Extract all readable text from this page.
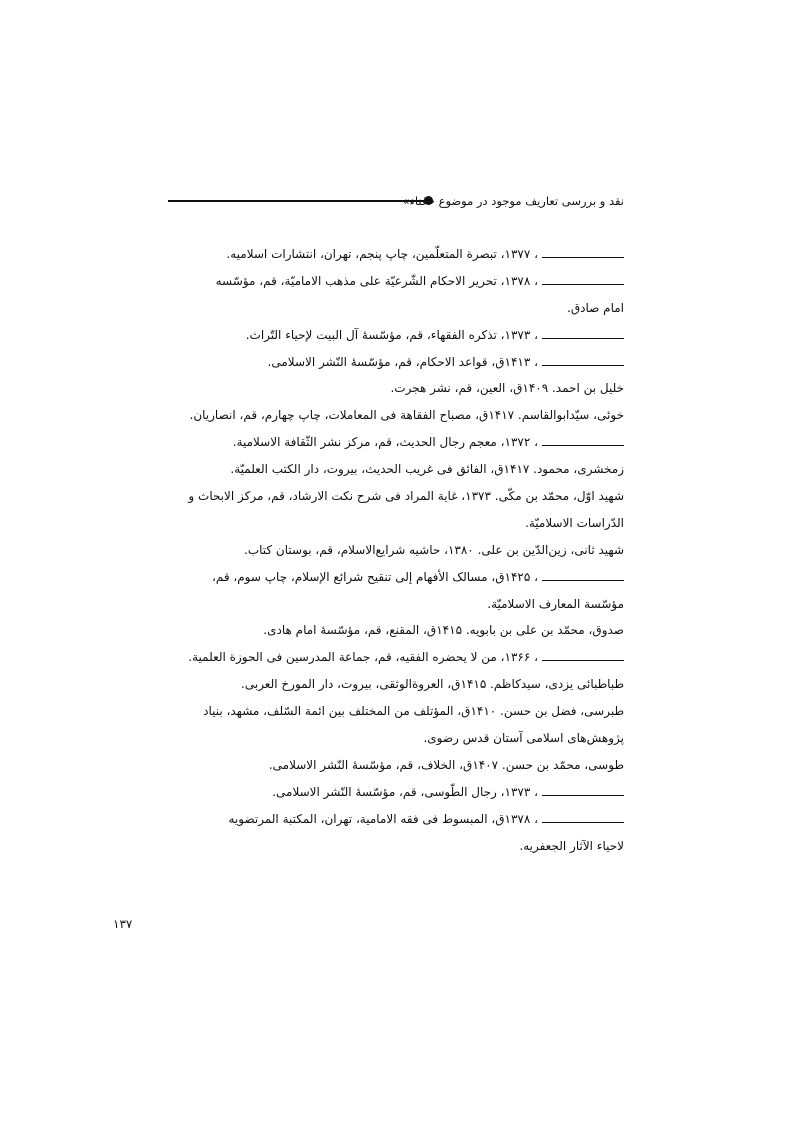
نقد و بررسی تعاریف موجود در موضوع «غناء»
، ۱۳۷۷، تبصرة المتعلّمین، چاپ پنجم، تهران، انتشارات اسلامیه.
، ۱۳۷۸، تحریر الاحکام الشّرعیّة علی مذهب الامامیّة، قم، مؤسّسه
امام صادق.
، ۱۳۷۳، تذکره الفقهاء، قم، مؤسّسهٔ آل البیت لإحیاء التّراث.
، ۱۴۱۳ق، قواعد الاحکام، قم، مؤسّسهٔ النّشر الاسلامی.
خلیل بن احمد. ۱۴۰۹ق، العین، قم، نشر هجرت.
خوئی، سیّدابوالقاسم. ۱۴۱۷ق، مصباح الفقاهة فی المعاملات، چاپ چهارم، قم، انصاریان.
، ۱۳۷۲، معجم رجال الحدیث، قم، مرکز نشر الثّقافة الاسلامیة.
زمخشری، محمود. ۱۴۱۷ق، الفائق فی غریب الحدیث، بیروت، دار الکتب العلمیّة.
شهید اوّل، محمّد بن مکّی. ۱۳۷۳، غایة المراد فی شرح نکت الارشاد، قم، مرکز الابحاث و
الدّراسات الاسلامیّة.
شهید ثانی، زین‌الدّین بن علی. ۱۳۸۰، حاشیه شرایع‌الاسلام، قم، بوستان کتاب.
، ۱۴۲۵ق، مسالک الأفهام إلی تنقیح شرائع الإسلام، چاپ سوم، قم،
مؤسّسة المعارف الاسلامیّة.
صدوق، محمّد بن علی بن بابویه. ۱۴۱۵ق، المقنع، قم، مؤسّسهٔ امام هادی.
، ۱۳۶۶، من لا یحضره الفقیه، قم، جماعة المدرسین فی الحوزة العلمیة.
طباطبائی یزدی، سیدکاظم. ۱۴۱۵ق، العروةالوثقی، بیروت، دار المورخ العربی.
طبرسی، فضل بن حسن. ۱۴۱۰ق، المؤتلف من المختلف بین ائمة السّلف، مشهد، بنیاد
پژوهش‌های اسلامی آستان قدس رضوی.
طوسی، محمّد بن حسن. ۱۴۰۷ق، الخلاف، قم، مؤسّسهٔ النّشر الاسلامی.
، ۱۳۷۳، رجال الطّوسی، قم، مؤسّسهٔ النّشر الاسلامی.
، ۱۳۷۸ق، المبسوط فی فقه الامامیة، تهران، المکتبة المرتضویه
لاحیاء الآثار الجعفریه.
۱۳۷
